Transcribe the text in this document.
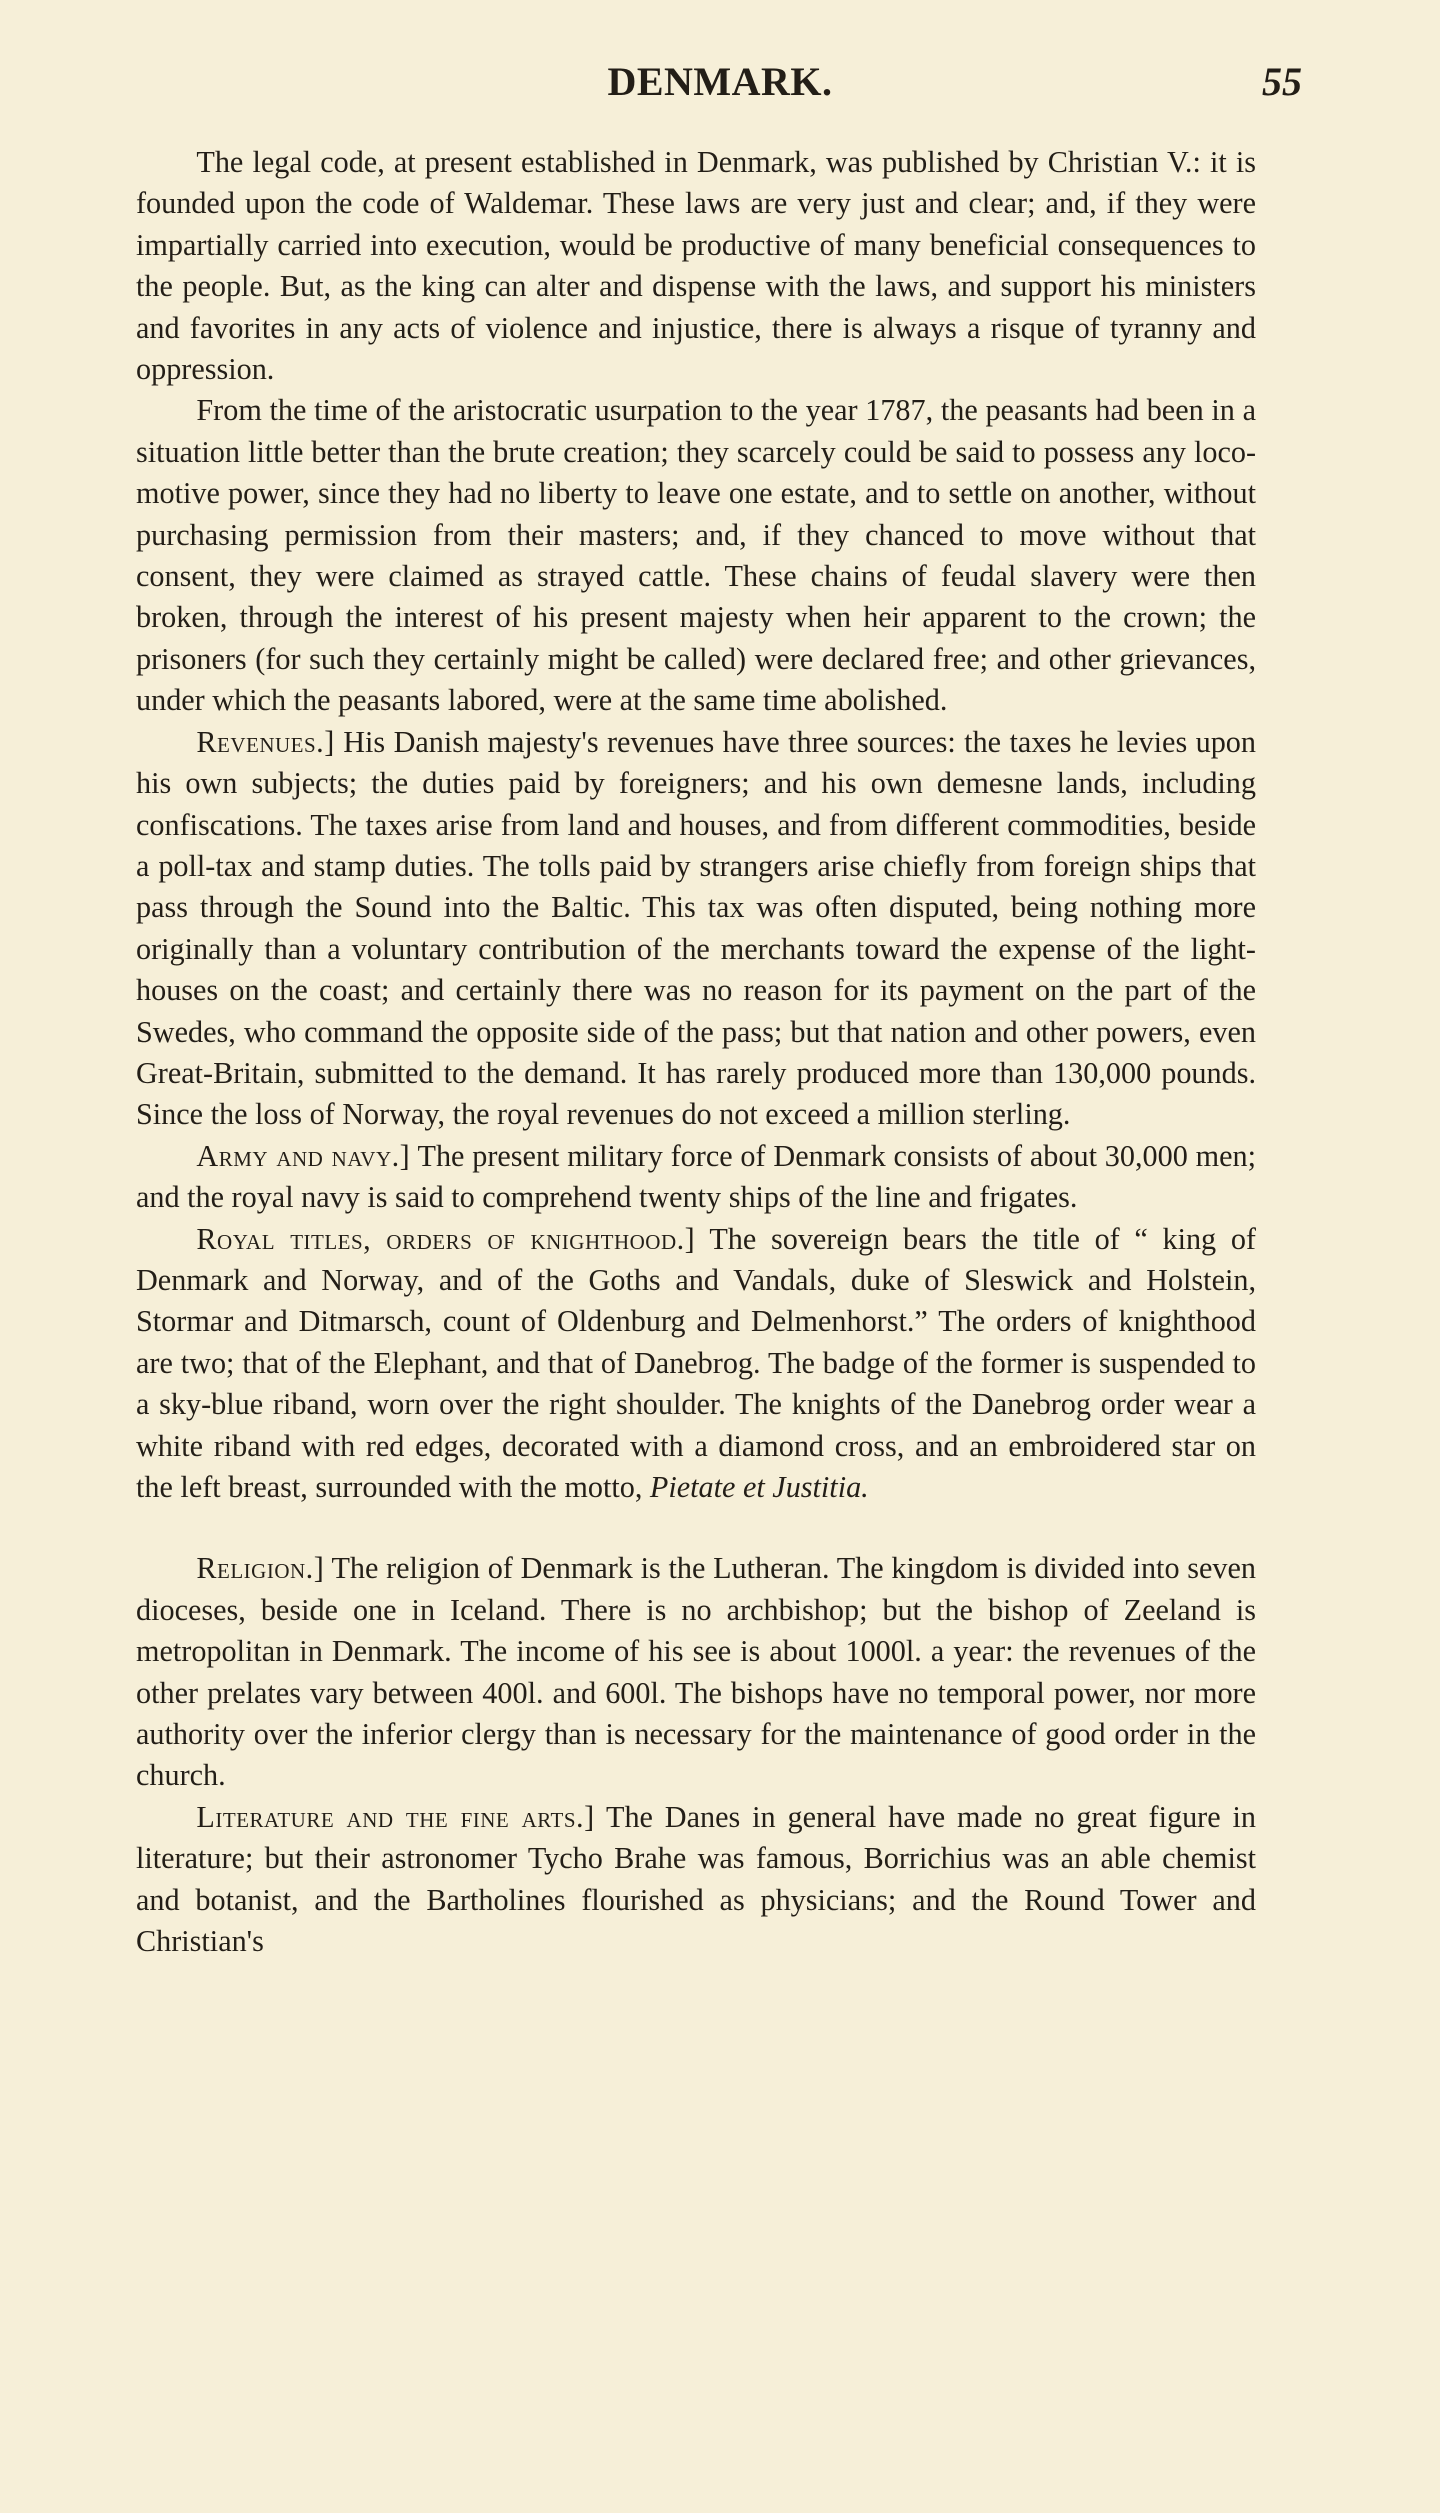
DENMARK.	55

The legal code, at present established in Denmark, was published by Christian V.: it is founded upon the code of Waldemar. These laws are very just and clear; and, if they were impartially carried into execution, would be productive of many beneficial consequences to the people. But, as the king can alter and dispense with the laws, and support his ministers and favorites in any acts of violence and injustice, there is always a risque of tyranny and oppression.

From the time of the aristocratic usurpation to the year 1787, the peasants had been in a situation little better than the brute creation; they scarcely could be said to possess any loco-motive power, since they had no liberty to leave one estate, and to settle on another, without purchasing permission from their masters; and, if they chanced to move without that consent, they were claimed as strayed cattle. These chains of feudal slavery were then broken, through the interest of his present majesty when heir apparent to the crown; the prisoners (for such they certainly might be called) were declared free; and other grievances, under which the peasants labored, were at the same time abolished.

Revenues.] His Danish majesty's revenues have three sources: the taxes he levies upon his own subjects; the duties paid by foreigners; and his own demesne lands, including confiscations. The taxes arise from land and houses, and from different commodities, beside a poll-tax and stamp duties. The tolls paid by strangers arise chiefly from foreign ships that pass through the Sound into the Baltic. This tax was often disputed, being nothing more originally than a voluntary contribution of the merchants toward the expense of the light-houses on the coast; and certainly there was no reason for its payment on the part of the Swedes, who command the opposite side of the pass; but that nation and other powers, even Great-Britain, submitted to the demand. It has rarely produced more than 130,000 pounds. Since the loss of Norway, the royal revenues do not exceed a million sterling.

Army and navy.] The present military force of Denmark consists of about 30,000 men; and the royal navy is said to comprehend twenty ships of the line and frigates.

Royal titles, orders of knighthood.] The sovereign bears the title of “ king of Denmark and Norway, and of the Goths and Vandals, duke of Sleswick and Holstein, Stormar and Ditmarsch, count of Oldenburg and Delmenhorst.” The orders of knighthood are two; that of the Elephant, and that of Danebrog. The badge of the former is suspended to a sky-blue riband, worn over the right shoulder. The knights of the Danebrog order wear a white riband with red edges, decorated with a diamond cross, and an embroidered star on the left breast, surrounded with the motto, Pietate et Justitia.

Religion.] The religion of Denmark is the Lutheran. The kingdom is divided into seven dioceses, beside one in Iceland. There is no archbishop; but the bishop of Zeeland is metropolitan in Denmark. The income of his see is about 1000l. a year: the revenues of the other prelates vary between 400l. and 600l. The bishops have no temporal power, nor more authority over the inferior clergy than is necessary for the maintenance of good order in the church.

Literature and the fine arts.] The Danes in general have made no great figure in literature; but their astronomer Tycho Brahe was famous, Borrichius was an able chemist and botanist, and the Bartholines flourished as physicians; and the Round Tower and Christian's
